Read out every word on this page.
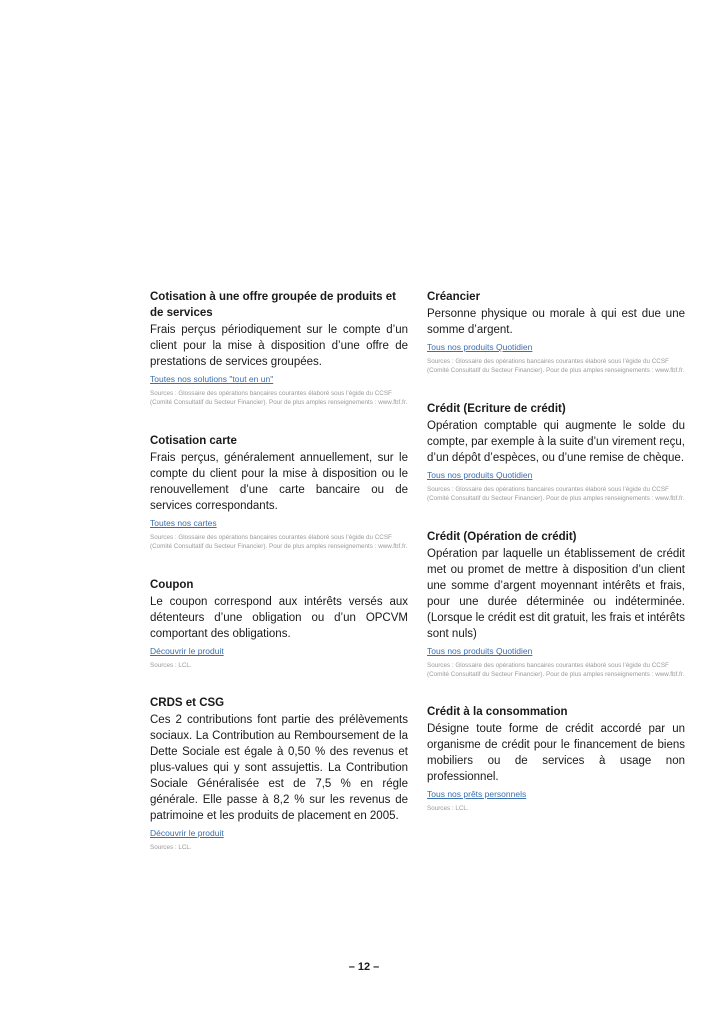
Cotisation à une offre groupée de produits et de services

Frais perçus périodiquement sur le compte d’un client pour la mise à disposition d’une offre de prestations de services groupées.

Toutes nos solutions "tout en un"

Sources : Glossaire des opérations bancaires courantes élaboré sous l’égide du CCSF (Comité Consultatif du Secteur Financier). Pour de plus amples renseignements : www.fbf.fr.

Cotisation carte

Frais perçus, généralement annuellement, sur le compte du client pour la mise à disposition ou le renouvellement d’une carte bancaire ou de services correspondants.

Toutes nos cartes

Sources : Glossaire des opérations bancaires courantes élaboré sous l’égide du CCSF (Comité Consultatif du Secteur Financier). Pour de plus amples renseignements : www.fbf.fr.

Coupon

Le coupon correspond aux intérêts versés aux détenteurs d’une obligation ou d’un OPCVM comportant des obligations.

Découvrir le produit

Sources : LCL.

CRDS et CSG

Ces 2 contributions font partie des prélèvements sociaux. La Contribution au Remboursement de la Dette Sociale est égale à 0,50 % des revenus et plus-values qui y sont assujettis. La Contribution Sociale Généralisée est de 7,5 % en régle générale. Elle passe à 8,2 % sur les revenus de patrimoine et les produits de placement en 2005.

Découvrir le produit

Sources : LCL.

Créancier

Personne physique ou morale à qui est due une somme d’argent.

Tous nos produits Quotidien

Sources : Glossaire des opérations bancaires courantes élaboré sous l’égide du CCSF (Comité Consultatif du Secteur Financier). Pour de plus amples renseignements : www.fbf.fr.

Crédit (Ecriture de crédit)

Opération comptable qui augmente le solde du compte, par exemple à la suite d’un virement reçu, d’un dépôt d’espèces, ou d’une remise de chèque.

Tous nos produits Quotidien

Sources : Glossaire des opérations bancaires courantes élaboré sous l’égide du CCSF (Comité Consultatif du Secteur Financier). Pour de plus amples renseignements : www.fbf.fr.

Crédit (Opération de crédit)

Opération par laquelle un établissement de crédit met ou promet de mettre à disposition d’un client une somme d’argent moyennant intérêts et frais, pour une durée déterminée ou indéterminée. (Lorsque le crédit est dit gratuit, les frais et intérêts sont nuls)

Tous nos produits Quotidien

Sources : Glossaire des opérations bancaires courantes élaboré sous l’égide du CCSF (Comité Consultatif du Secteur Financier). Pour de plus amples renseignements : www.fbf.fr.

Crédit à la consommation

Désigne toute forme de crédit accordé par un organisme de crédit pour le financement de biens mobiliers ou de services à usage non professionnel.

Tous nos prêts personnels

Sources : LCL.

– 12 –
